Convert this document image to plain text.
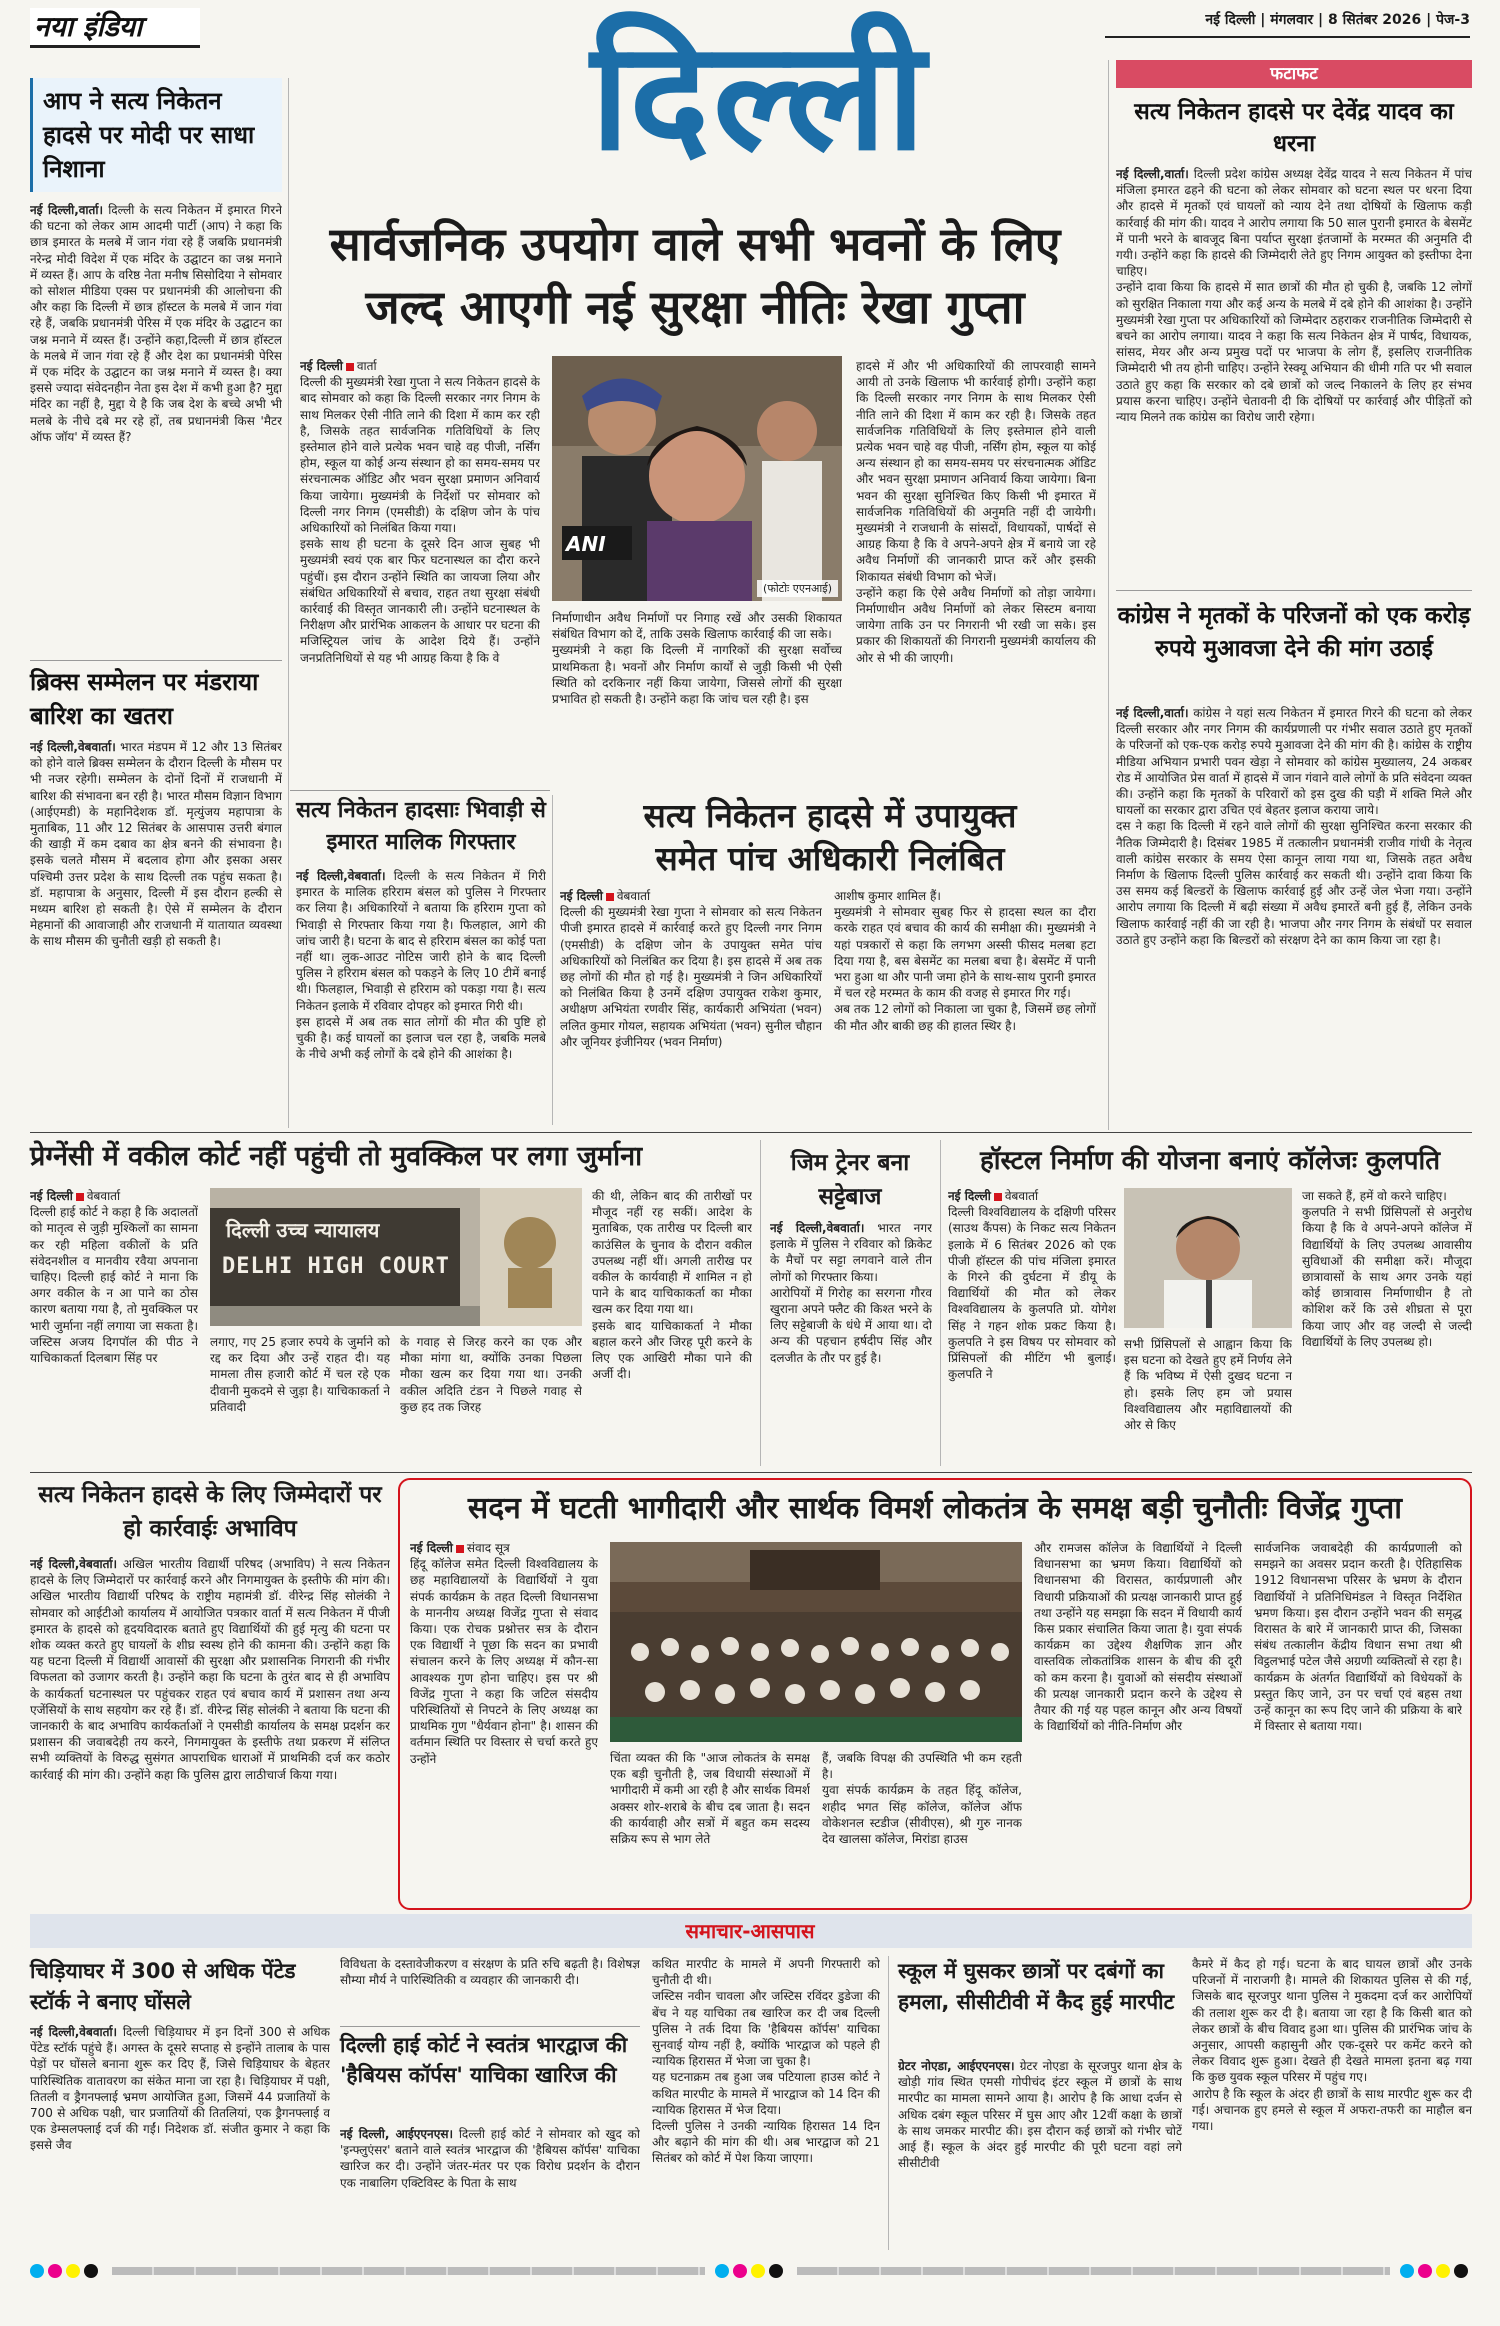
नया इंडिया	दिल्ली	नई दिल्ली | मंगलवार | 8 सितंबर 2026 | पेज-3
आप ने सत्य निकेतन हादसे पर मोदी पर साधा निशाना
नई दिल्ली,वार्ता। दिल्ली के सत्य निकेतन में इमारत गिरने की घटना को लेकर आम आदमी पार्टी (आप) ने कहा कि छात्र इमारत के मलबे में जान गंवा रहे हैं जबकि प्रधानमंत्री नरेन्द्र मोदी विदेश में एक मंदिर के उद्घाटन का जश्न मनाने में व्यस्त हैं। आप के वरिष्ठ नेता मनीष सिसोदिया ने सोमवार को सोशल मीडिया एक्स पर प्रधानमंत्री की आलोचना की और कहा कि दिल्ली में छात्र हॉस्टल के मलबे में जान गंवा रहे हैं, जबकि प्रधानमंत्री पेरिस में एक मंदिर के उद्घाटन का जश्न मनाने में व्यस्त हैं। उन्होंने कहा,दिल्ली में छात्र हॉस्टल के मलबे में जान गंवा रहे हैं और देश का प्रधानमंत्री पेरिस में एक मंदिर के उद्घाटन का जश्न मनाने में व्यस्त है। क्या इससे ज्यादा संवेदनहीन नेता इस देश में कभी हुआ है? मुद्दा मंदिर का नहीं है, मुद्दा ये है कि जब देश के बच्चे अभी भी मलबे के नीचे दबे मर रहे हों, तब प्रधानमंत्री किस 'मैटर ऑफ जॉय' में व्यस्त हैं?
ब्रिक्स सम्मेलन पर मंडराया बारिश का खतरा
नई दिल्ली,वेबवार्ता। भारत मंडपम में 12 और 13 सितंबर को होने वाले ब्रिक्स सम्मेलन के दौरान दिल्ली के मौसम पर भी नजर रहेगी। सम्मेलन के दोनों दिनों में राजधानी में बारिश की संभावना बन रही है। भारत मौसम विज्ञान विभाग (आईएमडी) के महानिदेशक डॉ. मृत्युंजय महापात्रा के मुताबिक, 11 और 12 सितंबर के आसपास उत्तरी बंगाल की खाड़ी में कम दबाव का क्षेत्र बनने की संभावना है। इसके चलते मौसम में बदलाव होगा और इसका असर पश्चिमी उत्तर प्रदेश के साथ दिल्ली तक पहुंच सकता है। डॉ. महापात्रा के अनुसार, दिल्ली में इस दौरान हल्की से मध्यम बारिश हो सकती है। ऐसे में सम्मेलन के दौरान मेहमानों की आवाजाही और राजधानी में यातायात व्यवस्था के साथ मौसम की चुनौती खड़ी हो सकती है।
सार्वजनिक उपयोग वाले सभी भवनों के लिए
जल्द आएगी नई सुरक्षा नीतिः रेखा गुप्ता
नई दिल्ली वार्ता
दिल्ली की मुख्यमंत्री रेखा गुप्ता ने सत्य निकेतन हादसे के बाद सोमवार को कहा कि दिल्ली सरकार नगर निगम के साथ मिलकर ऐसी नीति लाने की दिशा में काम कर रही है, जिसके तहत सार्वजनिक गतिविधियों के लिए इस्तेमाल होने वाले प्रत्येक भवन चाहे वह पीजी, नर्सिंग होम, स्कूल या कोई अन्य संस्थान हो का समय-समय पर संरचनात्मक ऑडिट और भवन सुरक्षा प्रमाणन अनिवार्य किया जायेगा। मुख्यमंत्री के निर्देशों पर सोमवार को दिल्ली नगर निगम (एमसीडी) के दक्षिण जोन के पांच अधिकारियों को निलंबित किया गया।
इसके साथ ही घटना के दूसरे दिन आज सुबह भी मुख्यमंत्री स्वयं एक बार फिर घटनास्थल का दौरा करने पहुंचीं। इस दौरान उन्होंने स्थिति का जायजा लिया और संबंधित अधिकारियों से बचाव, राहत तथा सुरक्षा संबंधी कार्रवाई की विस्तृत जानकारी ली। उन्होंने घटनास्थल के निरीक्षण और प्रारंभिक आकलन के आधार पर घटना की मजिस्ट्रियल जांच के आदेश दिये हैं। उन्होंने जनप्रतिनिधियों से यह भी आग्रह किया है कि वे
ANI
(फोटोः एएनआई)
निर्माणाधीन अवैध निर्माणों पर निगाह रखें और उसकी शिकायत संबंधित विभाग को दें, ताकि उसके खिलाफ कार्रवाई की जा सके।
मुख्यमंत्री ने कहा कि दिल्ली में नागरिकों की सुरक्षा सर्वोच्च प्राथमिकता है। भवनों और निर्माण कार्यों से जुड़ी किसी भी ऐसी स्थिति को दरकिनार नहीं किया जायेगा, जिससे लोगों की सुरक्षा प्रभावित हो सकती है। उन्होंने कहा कि जांच चल रही है। इस
हादसे में और भी अधिकारियों की लापरवाही सामने आयी तो उनके खिलाफ भी कार्रवाई होगी। उन्होंने कहा कि दिल्ली सरकार नगर निगम के साथ मिलकर ऐसी नीति लाने की दिशा में काम कर रही है। जिसके तहत सार्वजनिक गतिविधियों के लिए इस्तेमाल होने वाली प्रत्येक भवन चाहे वह पीजी, नर्सिंग होम, स्कूल या कोई अन्य संस्थान हो का समय-समय पर संरचनात्मक ऑडिट और भवन सुरक्षा प्रमाणन अनिवार्य किया जायेगा। बिना भवन की सुरक्षा सुनिश्चित किए किसी भी इमारत में सार्वजनिक गतिविधियों की अनुमति नहीं दी जायेगी। मुख्यमंत्री ने राजधानी के सांसदों, विधायकों, पार्षदों से आग्रह किया है कि वे अपने-अपने क्षेत्र में बनाये जा रहे अवैध निर्माणों की जानकारी प्राप्त करें और इसकी शिकायत संबंधी विभाग को भेजें।
उन्होंने कहा कि ऐसे अवैध निर्माणों को तोड़ा जायेगा। निर्माणाधीन अवैध निर्माणों को लेकर सिस्टम बनाया जायेगा ताकि उन पर निगरानी भी रखी जा सके। इस प्रकार की शिकायतों की निगरानी मुख्यमंत्री कार्यालय की ओर से भी की जाएगी।
सत्य निकेतन हादसाः भिवाड़ी से इमारत मालिक गिरफ्तार
नई दिल्ली,वेबवार्ता। दिल्ली के सत्य निकेतन में गिरी इमारत के मालिक हरिराम बंसल को पुलिस ने गिरफ्तार कर लिया है। अधिकारियों ने बताया कि हरिराम गुप्ता को भिवाड़ी से गिरफ्तार किया गया है। फिलहाल, आगे की जांच जारी है। घटना के बाद से हरिराम बंसल का कोई पता नहीं था। लुक-आउट नोटिस जारी होने के बाद दिल्ली पुलिस ने हरिराम बंसल को पकड़ने के लिए 10 टीमें बनाई थी। फिलहाल, भिवाड़ी से हरिराम को पकड़ा गया है। सत्य निकेतन इलाके में रविवार दोपहर को इमारत गिरी थी।
इस हादसे में अब तक सात लोगों की मौत की पुष्टि हो चुकी है। कई घायलों का इलाज चल रहा है, जबकि मलबे के नीचे अभी कई लोगों के दबे होने की आशंका है।
सत्य निकेतन हादसे में उपायुक्त
समेत पांच अधिकारी निलंबित
नई दिल्ली वेबवार्ता
दिल्ली की मुख्यमंत्री रेखा गुप्ता ने सोमवार को सत्य निकेतन पीजी इमारत हादसे में कार्रवाई करते हुए दिल्ली नगर निगम (एमसीडी) के दक्षिण जोन के उपायुक्त समेत पांच अधिकारियों को निलंबित कर दिया है। इस हादसे में अब तक छह लोगों की मौत हो गई है। मुख्यमंत्री ने जिन अधिकारियों को निलंबित किया है उनमें दक्षिण उपायुक्त राकेश कुमार, अधीक्षण अभियंता रणवीर सिंह, कार्यकारी अभियंता (भवन) ललित कुमार गोयल, सहायक अभियंता (भवन) सुनील चौहान और जूनियर इंजीनियर (भवन निर्माण)
आशीष कुमार शामिल हैं।
मुख्यमंत्री ने सोमवार सुबह फिर से हादसा स्थल का दौरा करके राहत एवं बचाव की कार्य की समीक्षा की। मुख्यमंत्री ने यहां पत्रकारों से कहा कि लगभग अस्सी फीसद मलबा हटा दिया गया है, बस बेसमेंट का मलबा बचा है। बेसमेंट में पानी भरा हुआ था और पानी जमा होने के साथ-साथ पुरानी इमारत में चल रहे मरम्मत के काम की वजह से इमारत गिर गई।
अब तक 12 लोगों को निकाला जा चुका है, जिसमें छह लोगों की मौत और बाकी छह की हालत स्थिर है।
फटाफट
सत्य निकेतन हादसे पर देवेंद्र यादव का धरना
नई दिल्ली,वार्ता। दिल्ली प्रदेश कांग्रेस अध्यक्ष देवेंद्र यादव ने सत्य निकेतन में पांच मंजिला इमारत ढहने की घटना को लेकर सोमवार को घटना स्थल पर धरना दिया और हादसे में मृतकों एवं घायलों को न्याय देने तथा दोषियों के खिलाफ कड़ी कार्रवाई की मांग की। यादव ने आरोप लगाया कि 50 साल पुरानी इमारत के बेसमेंट में पानी भरने के बावजूद बिना पर्याप्त सुरक्षा इंतजामों के मरम्मत की अनुमति दी गयी। उन्होंने कहा कि हादसे की जिम्मेदारी लेते हुए निगम आयुक्त को इस्तीफा देना चाहिए।
उन्होंने दावा किया कि हादसे में सात छात्रों की मौत हो चुकी है, जबकि 12 लोगों को सुरक्षित निकाला गया और कई अन्य के मलबे में दबे होने की आशंका है। उन्होंने मुख्यमंत्री रेखा गुप्ता पर अधिकारियों को जिम्मेदार ठहराकर राजनीतिक जिम्मेदारी से बचने का आरोप लगाया। यादव ने कहा कि सत्य निकेतन क्षेत्र में पार्षद, विधायक, सांसद, मेयर और अन्य प्रमुख पदों पर भाजपा के लोग हैं, इसलिए राजनीतिक जिम्मेदारी भी तय होनी चाहिए। उन्होंने रेस्क्यू अभियान की धीमी गति पर भी सवाल उठाते हुए कहा कि सरकार को दबे छात्रों को जल्द निकालने के लिए हर संभव प्रयास करना चाहिए। उन्होंने चेतावनी दी कि दोषियों पर कार्रवाई और पीड़ितों को न्याय मिलने तक कांग्रेस का विरोध जारी रहेगा।
कांग्रेस ने मृतकों के परिजनों को एक करोड़ रुपये मुआवजा देने की मांग उठाई
नई दिल्ली,वार्ता। कांग्रेस ने यहां सत्य निकेतन में इमारत गिरने की घटना को लेकर दिल्ली सरकार और नगर निगम की कार्यप्रणाली पर गंभीर सवाल उठाते हुए मृतकों के परिजनों को एक-एक करोड़ रुपये मुआवजा देने की मांग की है। कांग्रेस के राष्ट्रीय मीडिया अभियान प्रभारी पवन खेड़ा ने सोमवार को कांग्रेस मुख्यालय, 24 अकबर रोड में आयोजित प्रेस वार्ता में हादसे में जान गंवाने वाले लोगों के प्रति संवेदना व्यक्त की। उन्होंने कहा कि मृतकों के परिवारों को इस दुख की घड़ी में शक्ति मिले और घायलों का सरकार द्वारा उचित एवं बेहतर इलाज कराया जाये।
दस ने कहा कि दिल्ली में रहने वाले लोगों की सुरक्षा सुनिश्चित करना सरकार की नैतिक जिम्मेदारी है। दिसंबर 1985 में तत्कालीन प्रधानमंत्री राजीव गांधी के नेतृत्व वाली कांग्रेस सरकार के समय ऐसा कानून लाया गया था, जिसके तहत अवैध निर्माण के खिलाफ दिल्ली पुलिस कार्रवाई कर सकती थी। उन्होंने दावा किया कि उस समय कई बिल्डरों के खिलाफ कार्रवाई हुई और उन्हें जेल भेजा गया। उन्होंने आरोप लगाया कि दिल्ली में बढ़ी संख्या में अवैध इमारतें बनी हुई हैं, लेकिन उनके खिलाफ कार्रवाई नहीं की जा रही है। भाजपा और नगर निगम के संबंधों पर सवाल उठाते हुए उन्होंने कहा कि बिल्डरों को संरक्षण देने का काम किया जा रहा है।
प्रेग्नेंसी में वकील कोर्ट नहीं पहुंची तो मुवक्किल पर लगा जुर्माना
नई दिल्ली वेबवार्ता
दिल्ली हाई कोर्ट ने कहा है कि अदालतों को मातृत्व से जुड़ी मुश्किलों का सामना कर रही महिला वकीलों के प्रति संवेदनशील व मानवीय रवैया अपनाना चाहिए। दिल्ली हाई कोर्ट ने माना कि अगर वकील के न आ पाने का ठोस कारण बताया गया है, तो मुवक्किल पर भारी जुर्माना नहीं लगाया जा सकता है। जस्टिस अजय दिगपॉल की पीठ ने याचिकाकर्ता दिलबाग सिंह पर
दिल्ली उच्च न्यायालय
DELHI HIGH COURT
लगाए, गए 25 हजार रुपये के जुर्माने को रद्द कर दिया और उन्हें राहत दी। यह मामला तीस हजारी कोर्ट में चल रहे एक दीवानी मुकदमे से जुड़ा है। याचिकाकर्ता ने प्रतिवादी
के गवाह से जिरह करने का एक और मौका मांगा था, क्योंकि उनका पिछला मौका खत्म कर दिया गया था। उनकी वकील अदिति टंडन ने पिछले गवाह से कुछ हद तक जिरह
की थी, लेकिन बाद की तारीखों पर मौजूद नहीं रह सकीं। आदेश के मुताबिक, एक तारीख पर दिल्ली बार काउंसिल के चुनाव के दौरान वकील उपलब्ध नहीं थीं। अगली तारीख पर वकील के कार्यवाही में शामिल न हो पाने के बाद याचिकाकर्ता का मौका खत्म कर दिया गया था।
इसके बाद याचिकाकर्ता ने मौका बहाल करने और जिरह पूरी करने के लिए एक आखिरी मौका पाने की अर्जी दी।
जिम ट्रेनर बना सट्टेबाज
नई दिल्ली,वेबवार्ता। भारत नगर इलाके में पुलिस ने रविवार को क्रिकेट के मैचों पर सट्टा लगवाने वाले तीन लोगों को गिरफ्तार किया।
आरोपियों में गिरोह का सरगना गौरव खुराना अपने फ्लैट की किश्त भरने के लिए सट्टेबाजी के धंधे में आया था। दो अन्य की पहचान हर्षदीप सिंह और दलजीत के तौर पर हुई है।
हॉस्टल निर्माण की योजना बनाएं कॉलेजः कुलपति
नई दिल्ली वेबवार्ता
दिल्ली विश्वविद्यालय के दक्षिणी परिसर (साउथ कैंपस) के निकट सत्य निकेतन इलाके में 6 सितंबर 2026 को एक पीजी हॉस्टल की पांच मंजिला इमारत के गिरने की दुर्घटना में डीयू के विद्यार्थियों की मौत को लेकर विश्वविद्यालय के कुलपति प्रो. योगेश सिंह ने गहन शोक प्रकट किया है। कुलपति ने इस विषय पर सोमवार को प्रिंसिपलों की मीटिंग भी बुलाई। कुलपति ने
सभी प्रिंसिपलों से आह्वान किया कि इस घटना को देखते हुए हमें निर्णय लेने हैं कि भविष्य में ऐसी दुखद घटना न हो। इसके लिए हम जो प्रयास विश्वविद्यालय और महाविद्यालयों की ओर से किए
जा सकते हैं, हमें वो करने चाहिए।
कुलपति ने सभी प्रिंसिपलों से अनुरोध किया है कि वे अपने-अपने कॉलेज में विद्यार्थियों के लिए उपलब्ध आवासीय सुविधाओं की समीक्षा करें। मौजूदा छात्रावासों के साथ अगर उनके यहां कोई छात्रावास निर्माणाधीन है तो कोशिश करें कि उसे शीघ्रता से पूरा किया जाए और वह जल्दी से जल्दी विद्यार्थियों के लिए उपलब्ध हो।
सत्य निकेतन हादसे के लिए जिम्मेदारों पर हो कार्रवाईः अभाविप
नई दिल्ली,वेबवार्ता। अखिल भारतीय विद्यार्थी परिषद (अभाविप) ने सत्य निकेतन हादसे के लिए जिम्मेदारों पर कार्रवाई करने और निगमायुक्त के इस्तीफे की मांग की। अखिल भारतीय विद्यार्थी परिषद के राष्ट्रीय महामंत्री डॉ. वीरेन्द्र सिंह सोलंकी ने सोमवार को आईटीओ कार्यालय में आयोजित पत्रकार वार्ता में सत्य निकेतन में पीजी इमारत के हादसे को हृदयविदारक बताते हुए विद्यार्थियों की हुई मृत्यु की घटना पर शोक व्यक्त करते हुए घायलों के शीघ्र स्वस्थ होने की कामना की। उन्होंने कहा कि यह घटना दिल्ली में विद्यार्थी आवासों की सुरक्षा और प्रशासनिक निगरानी की गंभीर विफलता को उजागर करती है। उन्होंने कहा कि घटना के तुरंत बाद से ही अभाविप के कार्यकर्ता घटनास्थल पर पहुंचकर राहत एवं बचाव कार्य में प्रशासन तथा अन्य एजेंसियों के साथ सहयोग कर रहे हैं। डॉ. वीरेन्द्र सिंह सोलंकी ने बताया कि घटना की जानकारी के बाद अभाविप कार्यकर्ताओं ने एमसीडी कार्यालय के समक्ष प्रदर्शन कर प्रशासन की जवाबदेही तय करने, निगमायुक्त के इस्तीफे तथा प्रकरण में संलिप्त सभी व्यक्तियों के विरुद्ध सुसंगत आपराधिक धाराओं में प्राथमिकी दर्ज कर कठोर कार्रवाई की मांग की। उन्होंने कहा कि पुलिस द्वारा लाठीचार्ज किया गया।
सदन में घटती भागीदारी और सार्थक विमर्श लोकतंत्र के समक्ष बड़ी चुनौतीः विजेंद्र गुप्ता
नई दिल्ली संवाद सूत्र
हिंदू कॉलेज समेत दिल्ली विश्वविद्यालय के छह महाविद्यालयों के विद्यार्थियों ने युवा संपर्क कार्यक्रम के तहत दिल्ली विधानसभा के माननीय अध्यक्ष विजेंद्र गुप्ता से संवाद किया। एक रोचक प्रश्नोत्तर सत्र के दौरान एक विद्यार्थी ने पूछा कि सदन का प्रभावी संचालन करने के लिए अध्यक्ष में कौन-सा आवश्यक गुण होना चाहिए। इस पर श्री विजेंद्र गुप्ता ने कहा कि जटिल संसदीय परिस्थितियों से निपटने के लिए अध्यक्ष का प्राथमिक गुण "धैर्यवान होना" है। शासन की वर्तमान स्थिति पर विस्तार से चर्चा करते हुए उन्होंने	चिंता व्यक्त की कि "आज लोकतंत्र के समक्ष एक बड़ी चुनौती है, जब विधायी संस्थाओं में भागीदारी में कमी आ रही है और सार्थक विमर्श अक्सर शोर-शराबे के बीच दब जाता है। सदन की कार्यवाही और सत्रों में बहुत कम सदस्य सक्रिय रूप से भाग लेते
हैं, जबकि विपक्ष की उपस्थिति भी कम रहती है।
युवा संपर्क कार्यक्रम के तहत हिंदू कॉलेज, शहीद भगत सिंह कॉलेज, कॉलेज ऑफ वोकेशनल स्टडीज (सीवीएस), श्री गुरु नानक देव खालसा कॉलेज, मिरांडा हाउस
और रामजस कॉलेज के विद्यार्थियों ने दिल्ली विधानसभा का भ्रमण किया। विद्यार्थियों को विधानसभा की विरासत, कार्यप्रणाली और विधायी प्रक्रियाओं की प्रत्यक्ष जानकारी प्राप्त हुई तथा उन्होंने यह समझा कि सदन में विधायी कार्य किस प्रकार संचालित किया जाता है। युवा संपर्क कार्यक्रम का उद्देश्य शैक्षणिक ज्ञान और वास्तविक लोकतांत्रिक शासन के बीच की दूरी को कम करना है। युवाओं को संसदीय संस्थाओं की प्रत्यक्ष जानकारी प्रदान करने के उद्देश्य से तैयार की गई यह पहल कानून और अन्य विषयों के विद्यार्थियों को नीति-निर्माण और
सार्वजनिक जवाबदेही की कार्यप्रणाली को समझने का अवसर प्रदान करती है। ऐतिहासिक 1912 विधानसभा परिसर के भ्रमण के दौरान विद्यार्थियों ने प्रतिनिधिमंडल ने विस्तृत निर्देशित भ्रमण किया। इस दौरान उन्होंने भवन की समृद्ध विरासत के बारे में जानकारी प्राप्त की, जिसका संबंध तत्कालीन केंद्रीय विधान सभा तथा श्री विट्ठलभाई पटेल जैसे अग्रणी व्यक्तित्वों से रहा है। कार्यक्रम के अंतर्गत विद्यार्थियों को विधेयकों के प्रस्तुत किए जाने, उन पर चर्चा एवं बहस तथा उन्हें कानून का रूप दिए जाने की प्रक्रिया के बारे में विस्तार से बताया गया।
समाचार-आसपास
चिड़ियाघर में 300 से अधिक पेंटेड स्टॉर्क ने बनाए घोंसले
नई दिल्ली,वेबवार्ता। दिल्ली चिड़ियाघर में इन दिनों 300 से अधिक पेंटेड स्टॉर्क पहुंचे हैं। अगस्त के दूसरे सप्ताह से इन्होंने तालाब के पास पेड़ों पर घोंसले बनाना शुरू कर दिए हैं, जिसे चिड़ियाघर के बेहतर पारिस्थितिक वातावरण का संकेत माना जा रहा है। चिड़ियाघर में पक्षी, तितली व ड्रैगनफ्लाई भ्रमण आयोजित हुआ, जिसमें 44 प्रजातियों के 700 से अधिक पक्षी, चार प्रजातियों की तितलियां, एक ड्रैगनफ्लाई व एक डेम्सलफ्लाई दर्ज की गईं। निदेशक डॉ. संजीत कुमार ने कहा कि इससे जैव
विविधता के दस्तावेजीकरण व संरक्षण के प्रति रुचि बढ़ती है। विशेषज्ञ सौम्या मौर्य ने पारिस्थितिकी व व्यवहार की जानकारी दी।
दिल्ली हाई कोर्ट ने स्वतंत्र भारद्वाज की 'हैबियस कॉर्पस' याचिका खारिज की
नई दिल्ली, आईएएनएस। दिल्ली हाई कोर्ट ने सोमवार को खुद को 'इन्फ्लुएंसर' बताने वाले स्वतंत्र भारद्वाज की 'हैबियस कॉर्पस' याचिका खारिज कर दी। उन्होंने जंतर-मंतर पर एक विरोध प्रदर्शन के दौरान एक नाबालिग एक्टिविस्ट के पिता के साथ
कथित मारपीट के मामले में अपनी गिरफ्तारी को चुनौती दी थी।
जस्टिस नवीन चावला और जस्टिस रविंदर डुडेजा की बेंच ने यह याचिका तब खारिज कर दी जब दिल्ली पुलिस ने तर्क दिया कि 'हैबियस कॉर्पस' याचिका सुनवाई योग्य नहीं है, क्योंकि भारद्वाज को पहले ही न्यायिक हिरासत में भेजा जा चुका है।
यह घटनाक्रम तब हुआ जब पटियाला हाउस कोर्ट ने कथित मारपीट के मामले में भारद्वाज को 14 दिन की न्यायिक हिरासत में भेज दिया।
दिल्ली पुलिस ने उनकी न्यायिक हिरासत 14 दिन और बढ़ाने की मांग की थी। अब भारद्वाज को 21 सितंबर को कोर्ट में पेश किया जाएगा।
स्कूल में घुसकर छात्रों पर दबंगों का हमला, सीसीटीवी में कैद हुई मारपीट
ग्रेटर नोएडा, आईएएनएस। ग्रेटर नोएडा के सूरजपुर थाना क्षेत्र के खोड़ी गांव स्थित एमसी गोपीचंद इंटर स्कूल में छात्रों के साथ मारपीट का मामला सामने आया है। आरोप है कि आधा दर्जन से अधिक दबंग स्कूल परिसर में घुस आए और 12वीं कक्षा के छात्रों के साथ जमकर मारपीट की। इस दौरान कई छात्रों को गंभीर चोटें आई हैं। स्कूल के अंदर हुई मारपीट की पूरी घटना वहां लगे सीसीटीवी
कैमरे में कैद हो गई। घटना के बाद घायल छात्रों और उनके परिजनों में नाराजगी है। मामले की शिकायत पुलिस से की गई, जिसके बाद सूरजपुर थाना पुलिस ने मुकदमा दर्ज कर आरोपियों की तलाश शुरू कर दी है। बताया जा रहा है कि किसी बात को लेकर छात्रों के बीच विवाद हुआ था। पुलिस की प्रारंभिक जांच के अनुसार, आपसी कहासुनी और एक-दूसरे पर कमेंट करने को लेकर विवाद शुरू हुआ। देखते ही देखते मामला इतना बढ़ गया कि कुछ युवक स्कूल परिसर में पहुंच गए।
आरोप है कि स्कूल के अंदर ही छात्रों के साथ मारपीट शुरू कर दी गई। अचानक हुए हमले से स्कूल में अफरा-तफरी का माहौल बन गया।
